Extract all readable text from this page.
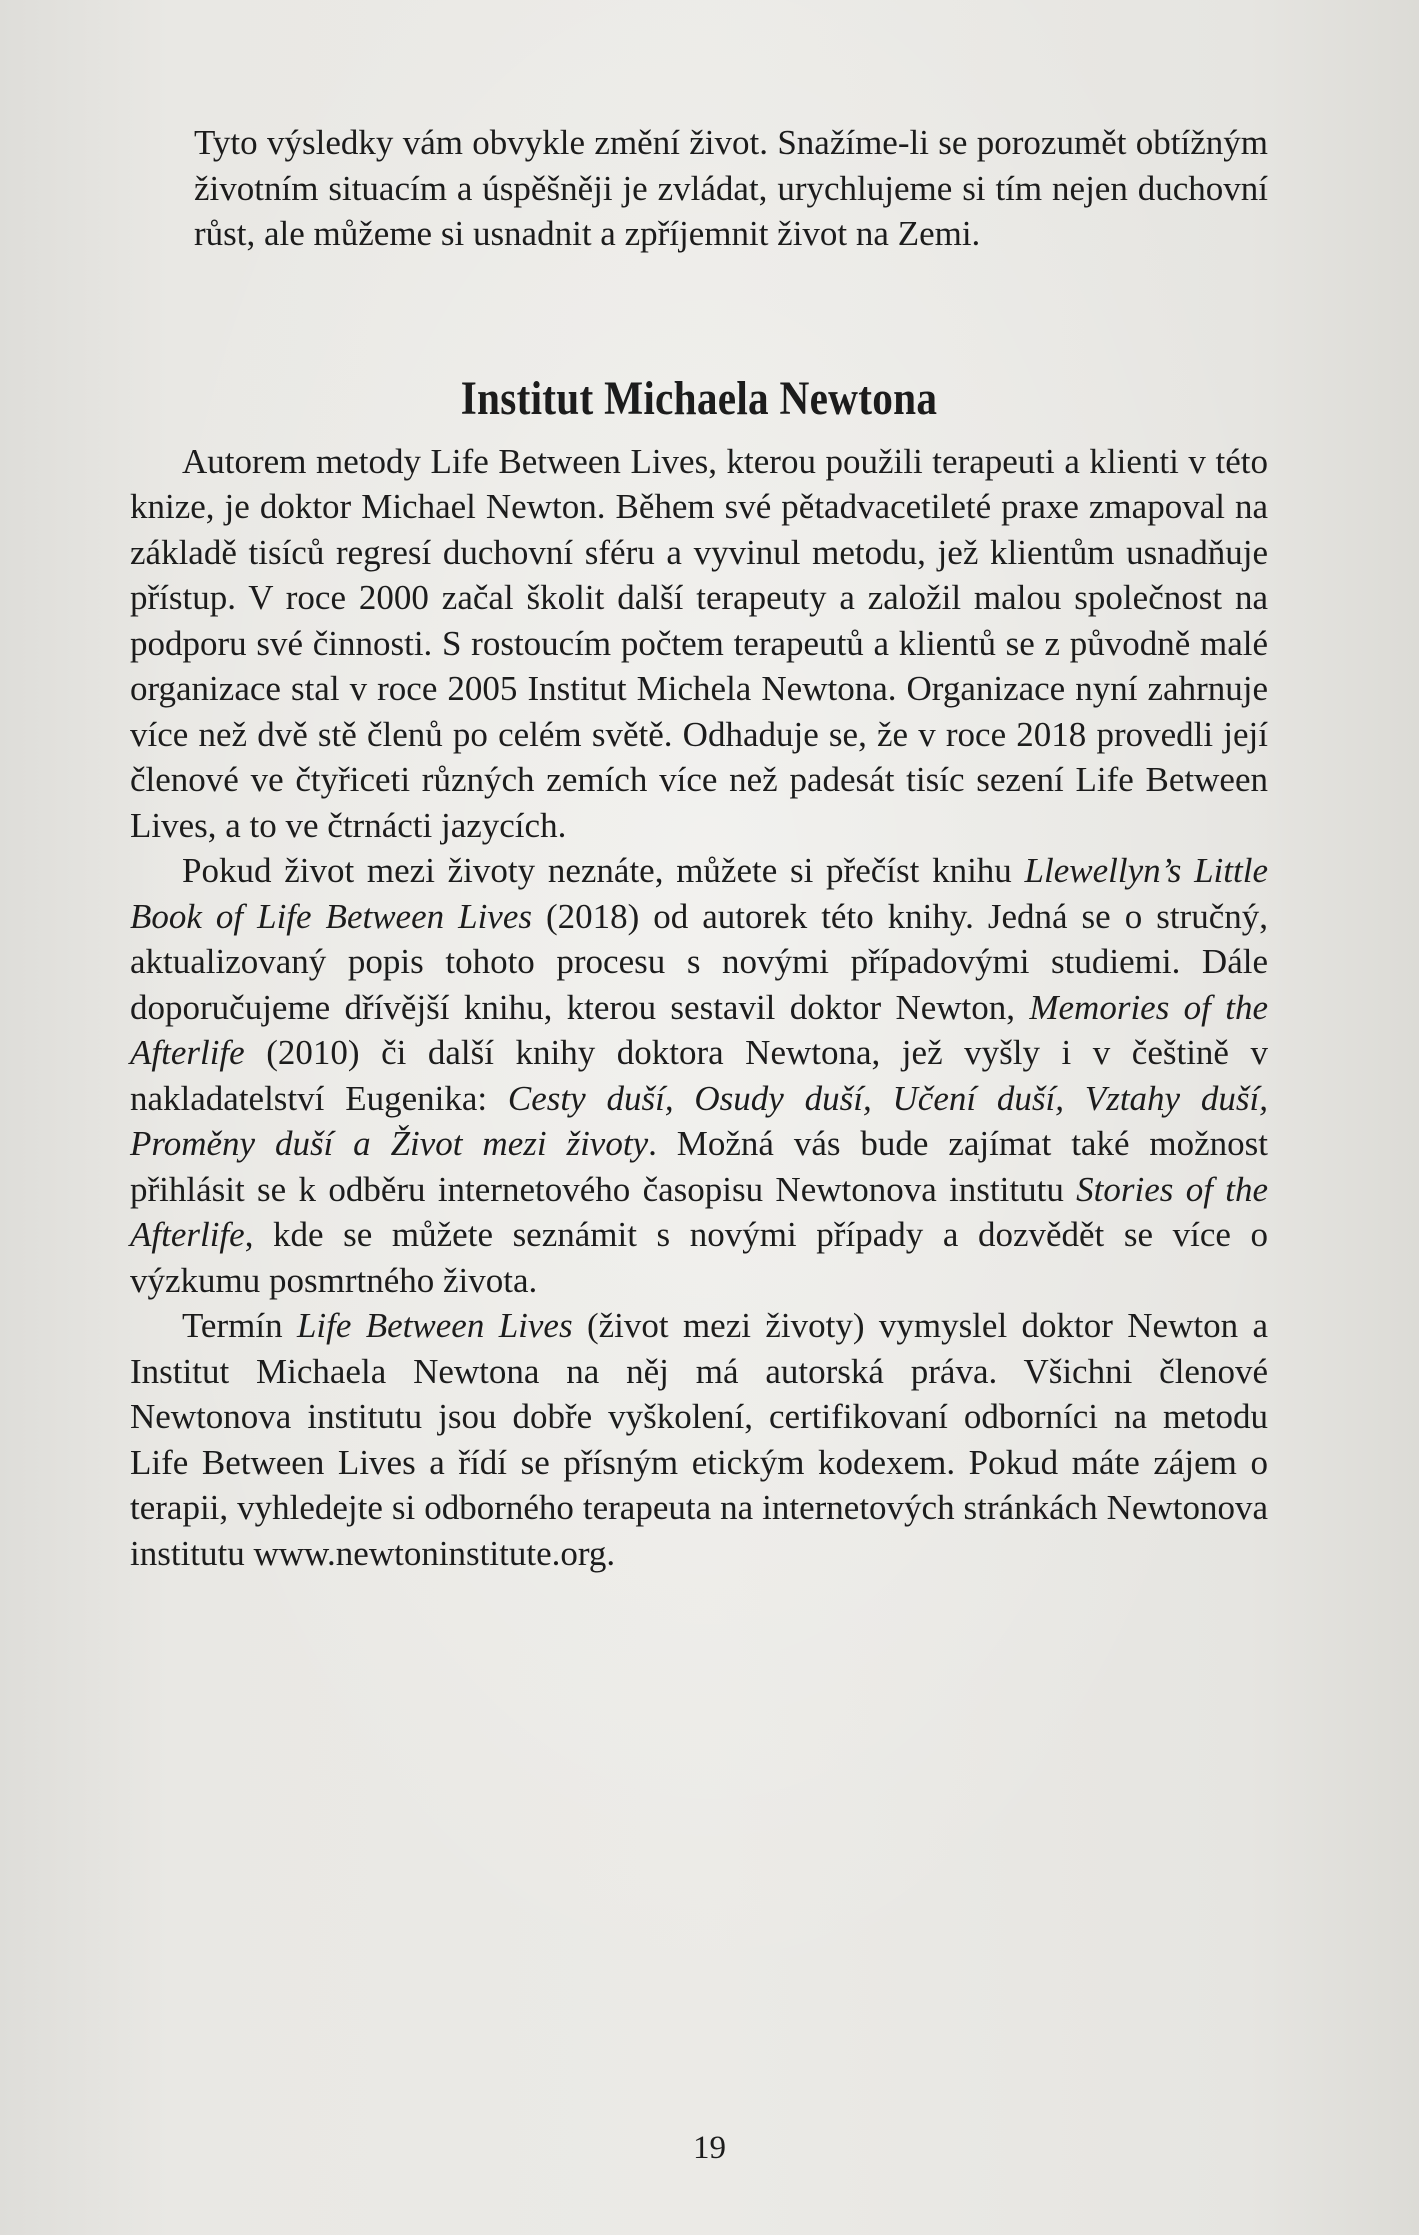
Tyto výsledky vám obvykle změní život. Snažíme-li se porozumět obtížným životním situacím a úspěšněji je zvládat, urychlujeme si tím nejen duchovní růst, ale můžeme si usnadnit a zpříjemnit život na Zemi.

Institut Michaela Newtona

Autorem metody Life Between Lives, kterou použili terapeuti a klienti v této knize, je doktor Michael Newton. Během své pětadvacetileté praxe zmapoval na základě tisíců regresí duchovní sféru a vyvinul metodu, jež klientům usnadňuje přístup. V roce 2000 začal školit další terapeuty a založil malou společnost na podporu své činnosti. S rostoucím počtem terapeutů a klientů se z původně malé organizace stal v roce 2005 Institut Michela Newtona. Organizace nyní zahrnuje více než dvě stě členů po celém světě. Odhaduje se, že v roce 2018 provedli její členové ve čtyřiceti různých zemích více než padesát tisíc sezení Life Between Lives, a to ve čtrnácti jazycích.

Pokud život mezi životy neznáte, můžete si přečíst knihu Llewellyn’s Little Book of Life Between Lives (2018) od autorek této knihy. Jedná se o stručný, aktualizovaný popis tohoto procesu s novými případovými studiemi. Dále doporučujeme dřívější knihu, kterou sestavil doktor Newton, Memories of the Afterlife (2010) či další knihy doktora Newtona, jež vyšly i v češtině v nakladatelství Eugenika: Cesty duší, Osudy duší, Učení duší, Vztahy duší, Proměny duší a Život mezi životy. Možná vás bude zajímat také možnost přihlásit se k odběru internetového časopisu Newtonova institutu Stories of the Afterlife, kde se můžete seznámit s novými případy a dozvědět se více o výzkumu posmrtného života.

Termín Life Between Lives (život mezi životy) vymyslel doktor Newton a Institut Michaela Newtona na něj má autorská práva. Všichni členové Newtonova institutu jsou dobře vyškolení, certifikovaní odborníci na metodu Life Between Lives a řídí se přísným etickým kodexem. Pokud máte zájem o terapii, vyhledejte si odborného terapeuta na internetových stránkách Newtonova institutu www.newtoninstitute.org.

19
